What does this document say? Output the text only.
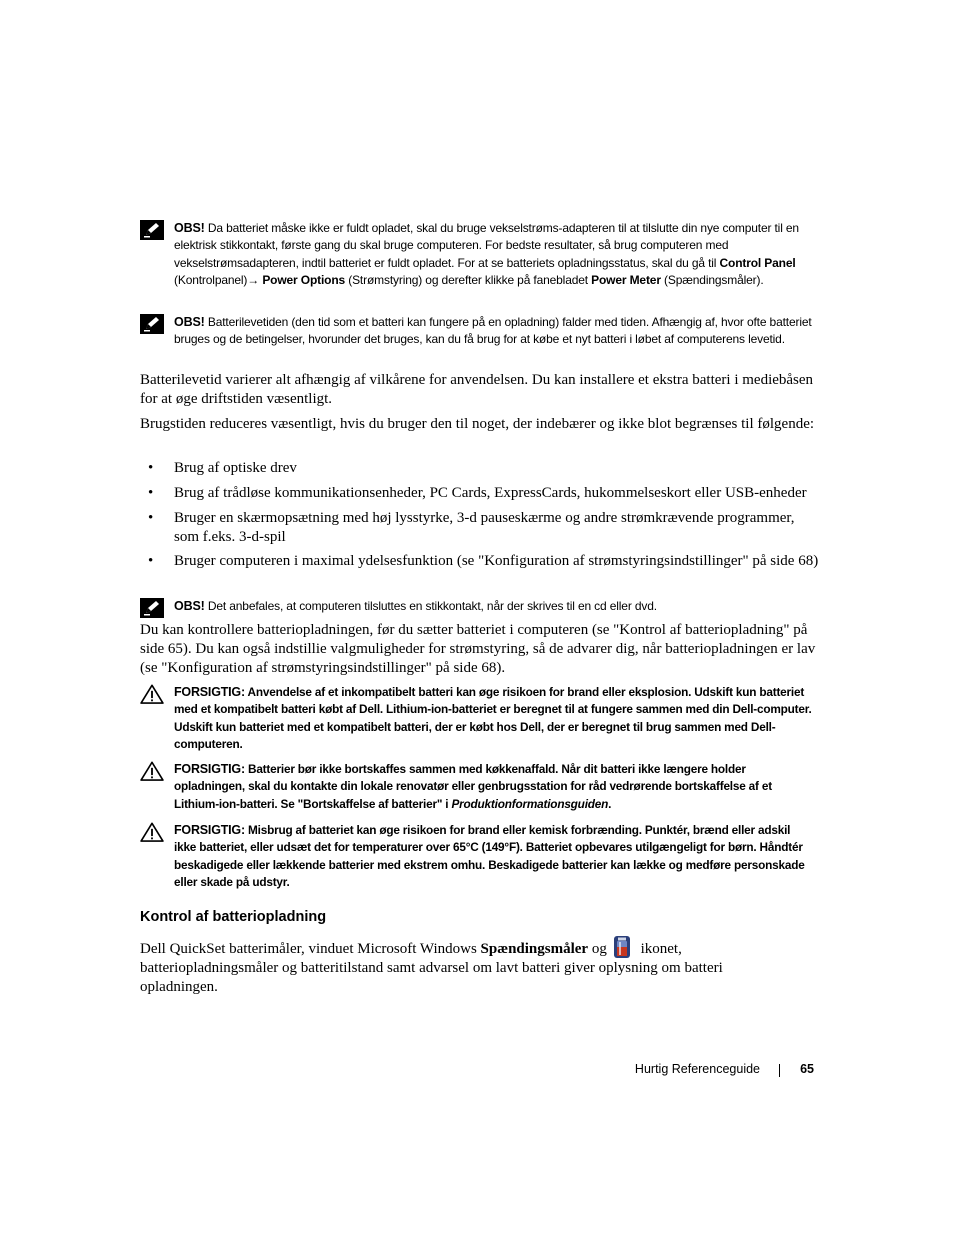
OBS! Da batteriet måske ikke er fuldt opladet, skal du bruge vekselstrøms-adapteren til at tilslutte din nye computer til en elektrisk stikkontakt, første gang du skal bruge computeren. For bedste resultater, så brug computeren med vekselstrømsadapteren, indtil batteriet er fuldt opladet. For at se batteriets opladningsstatus, skal du gå til Control Panel (Kontrolpanel)→ Power Options (Strømstyring) og derefter klikke på fanebladet Power Meter (Spændingsmåler).
OBS! Batterilevetiden (den tid som et batteri kan fungere på en opladning) falder med tiden. Afhængig af, hvor ofte batteriet bruges og de betingelser, hvorunder det bruges, kan du få brug for at købe et nyt batteri i løbet af computerens levetid.
Batterilevetid varierer alt afhængig af vilkårene for anvendelsen. Du kan installere et ekstra batteri i mediebåsen for at øge driftstiden væsentligt.
Brugstiden reduceres væsentligt, hvis du bruger den til noget, der indebærer og ikke blot begrænses til følgende:
• Brug af optiske drev
• Brug af trådløse kommunikationsenheder, PC Cards, ExpressCards, hukommelseskort eller USB-enheder
• Bruger en skærmopsætning med høj lysstyrke, 3-d pauseskærme og andre strømkrævende programmer, som f.eks. 3-d-spil
• Bruger computeren i maximal ydelsesfunktion (se "Konfiguration af strømstyringsindstillinger" på side 68)
OBS! Det anbefales, at computeren tilsluttes en stikkontakt, når der skrives til en cd eller dvd.
Du kan kontrollere batteriopladningen, før du sætter batteriet i computeren (se "Kontrol af batteriopladning" på side 65). Du kan også indstillie valgmuligheder for strømstyring, så de advarer dig, når batteriopladningen er lav (se "Konfiguration af strømstyringsindstillinger" på side 68).
FORSIGTIG: Anvendelse af et inkompatibelt batteri kan øge risikoen for brand eller eksplosion. Udskift kun batteriet med et kompatibelt batteri købt af Dell. Lithium-ion-batteriet er beregnet til at fungere sammen med din Dell-computer. Udskift kun batteriet med et kompatibelt batteri, der er købt hos Dell, der er beregnet til brug sammen med Dell-computeren.
FORSIGTIG: Batterier bør ikke bortskaffes sammen med køkkenaffald. Når dit batteri ikke længere holder opladningen, skal du kontakte din lokale renovatør eller genbrugsstation for råd vedrørende bortskaffelse af et Lithium-ion-batteri. Se "Bortskaffelse af batterier" i Produktionformationsguiden.
FORSIGTIG: Misbrug af batteriet kan øge risikoen for brand eller kemisk forbrænding. Punktér, brænd eller adskil ikke batteriet, eller udsæt det for temperaturer over 65°C (149°F). Batteriet opbevares utilgængeligt for børn. Håndtér beskadigede eller lækkende batterier med ekstrem omhu. Beskadigede batterier kan lække og medføre personskade eller skade på udstyr.
Kontrol af batteriopladning
Dell QuickSet batterimåler, vinduet Microsoft Windows Spændingsmåler og ikonet, batteriopladningsmåler og batteritilstand samt advarsel om lavt batteri giver oplysning om batteri opladningen.
Hurtig Referenceguide	65
